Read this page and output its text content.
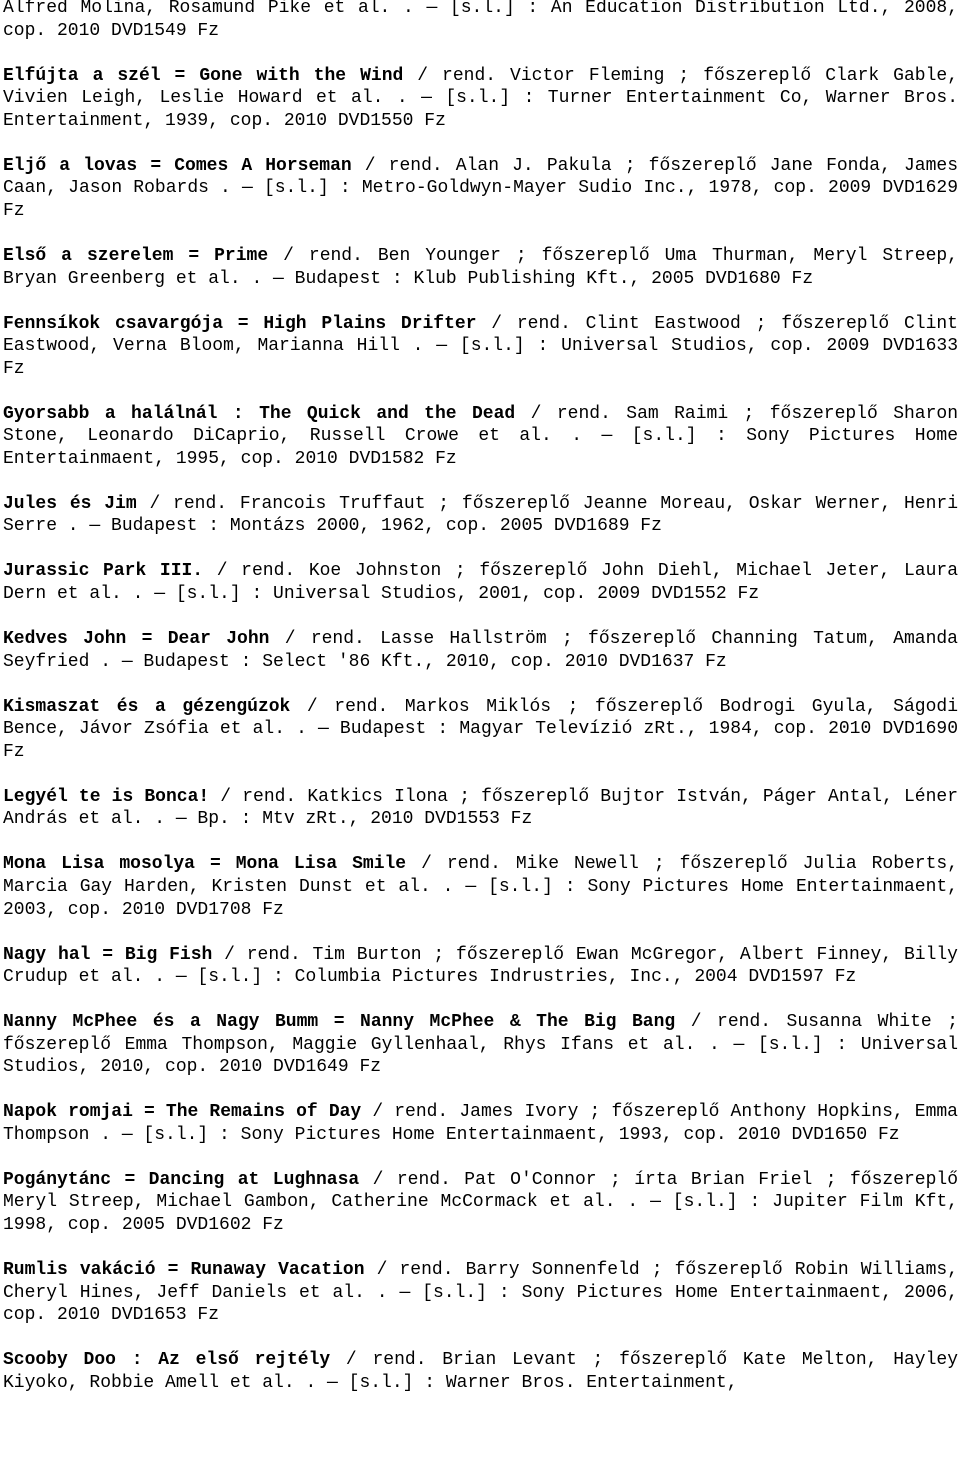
Alfred Molina, Rosamund Pike et al. . — [s.l.] : An Education Distribution Ltd., 2008, cop. 2010 DVD1549 Fz

Elfújta a szél = Gone with the Wind / rend. Victor Fleming ; főszereplő Clark Gable, Vivien Leigh, Leslie Howard et al. . — [s.l.] : Turner Entertainment Co, Warner Bros. Entertainment, 1939, cop. 2010 DVD1550 Fz

Eljő a lovas = Comes A Horseman / rend. Alan J. Pakula ; főszereplő Jane Fonda, James Caan, Jason Robards . — [s.l.] : Metro-Goldwyn-Mayer Sudio Inc., 1978, cop. 2009 DVD1629 Fz

Első a szerelem = Prime / rend. Ben Younger ; főszereplő Uma Thurman, Meryl Streep, Bryan Greenberg et al. . — Budapest : Klub Publishing Kft., 2005 DVD1680 Fz

Fennsíkok csavargója = High Plains Drifter / rend. Clint Eastwood ; főszereplő Clint Eastwood, Verna Bloom, Marianna Hill . — [s.l.] : Universal Studios, cop. 2009 DVD1633 Fz

Gyorsabb a halálnál : The Quick and the Dead / rend. Sam Raimi ; főszereplő Sharon Stone, Leonardo DiCaprio, Russell Crowe et al. . — [s.l.] : Sony Pictures Home Entertainmaent, 1995, cop. 2010 DVD1582 Fz

Jules és Jim / rend. Francois Truffaut ; főszereplő Jeanne Moreau, Oskar Werner, Henri Serre . — Budapest : Montázs 2000, 1962, cop. 2005 DVD1689 Fz

Jurassic Park III. / rend. Koe Johnston ; főszereplő John Diehl, Michael Jeter, Laura Dern et al. . — [s.l.] : Universal Studios, 2001, cop. 2009 DVD1552 Fz

Kedves John = Dear John / rend. Lasse Hallström ; főszereplő Channing Tatum, Amanda Seyfried . — Budapest : Select '86 Kft., 2010, cop. 2010 DVD1637 Fz

Kismaszat és a gézengúzok / rend. Markos Miklós ; főszereplő Bodrogi Gyula, Ságodi Bence, Jávor Zsófia et al. . — Budapest : Magyar Televízió zRt., 1984, cop. 2010 DVD1690 Fz

Legyél te is Bonca! / rend. Katkics Ilona ; főszereplő Bujtor István, Páger Antal, Léner András et al. . — Bp. : Mtv zRt., 2010 DVD1553 Fz

Mona Lisa mosolya = Mona Lisa Smile / rend. Mike Newell ; főszereplő Julia Roberts, Marcia Gay Harden, Kristen Dunst et al. . — [s.l.] : Sony Pictures Home Entertainmaent, 2003, cop. 2010 DVD1708 Fz

Nagy hal = Big Fish / rend. Tim Burton ; főszereplő Ewan McGregor, Albert Finney, Billy Crudup et al. . — [s.l.] : Columbia Pictures Indrustries, Inc., 2004 DVD1597 Fz

Nanny McPhee és a Nagy Bumm = Nanny McPhee & The Big Bang / rend. Susanna White ; főszereplő Emma Thompson, Maggie Gyllenhaal, Rhys Ifans et al. . — [s.l.] : Universal Studios, 2010, cop. 2010 DVD1649 Fz

Napok romjai = The Remains of Day / rend. James Ivory ; főszereplő Anthony Hopkins, Emma Thompson . — [s.l.] : Sony Pictures Home Entertainmaent, 1993, cop. 2010 DVD1650 Fz

Pogánytánc = Dancing at Lughnasa / rend. Pat O'Connor ; írta Brian Friel ; főszereplő Meryl Streep, Michael Gambon, Catherine McCormack et al. . — [s.l.] : Jupiter Film Kft, 1998, cop. 2005 DVD1602 Fz

Rumlis vakáció = Runaway Vacation / rend. Barry Sonnenfeld ; főszereplő Robin Williams, Cheryl Hines, Jeff Daniels et al. . — [s.l.] : Sony Pictures Home Entertainmaent, 2006, cop. 2010 DVD1653 Fz

Scooby Doo : Az első rejtély / rend. Brian Levant ; főszereplő Kate Melton, Hayley Kiyoko, Robbie Amell et al. . — [s.l.] : Warner Bros. Entertainment,
